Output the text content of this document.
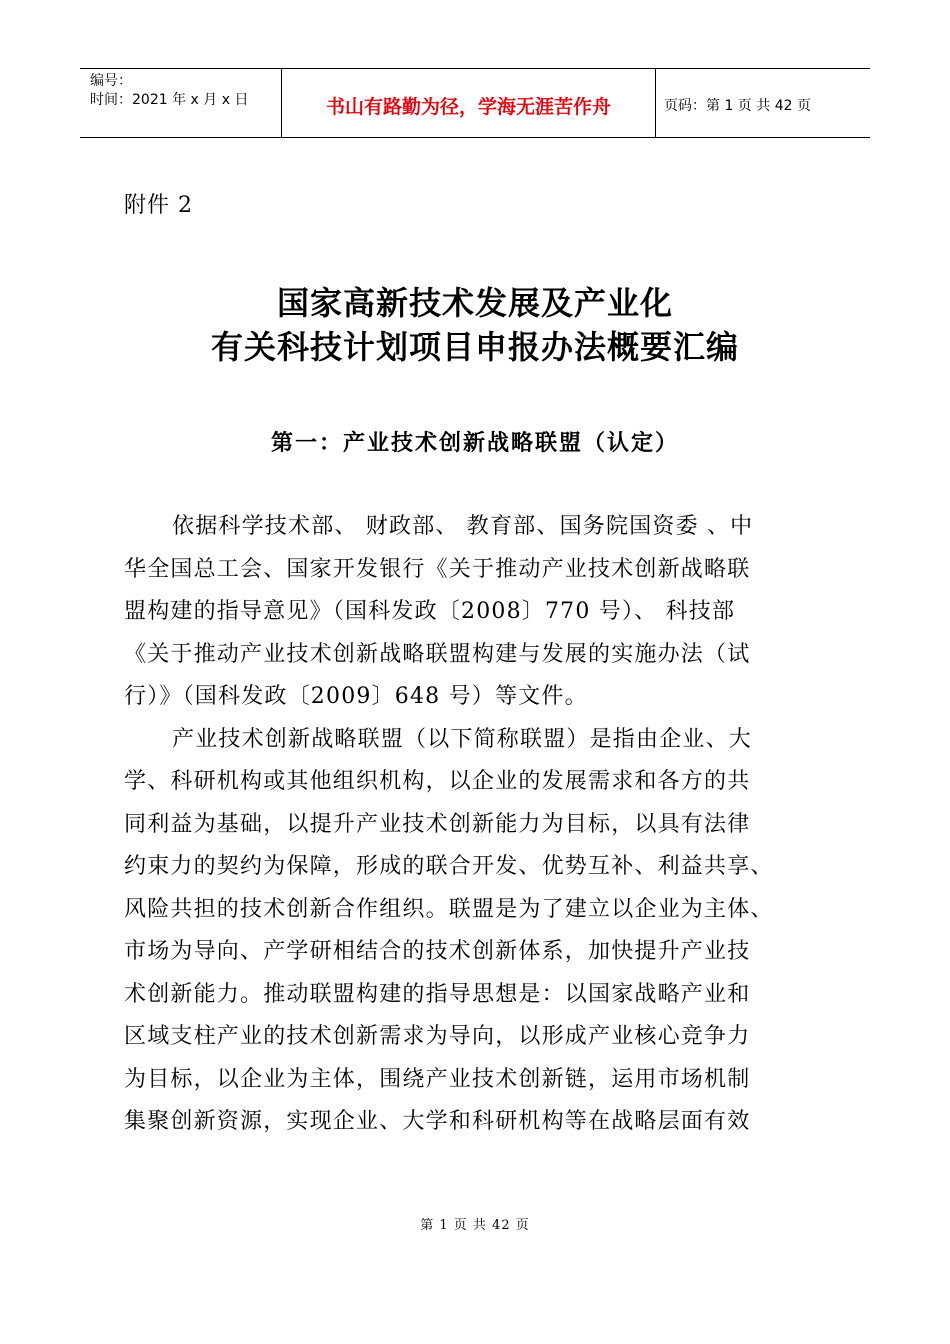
编号：
时间：2021 年 x 月 x 日	书山有路勤为径，学海无涯苦作舟	页码：第 1 页 共 42 页
附件 2
国家高新技术发展及产业化
有关科技计划项目申报办法概要汇编
第一：产业技术创新战略联盟（认定）
依据科学技术部、 财政部、 教育部、国务院国资委 、中
华全国总工会、国家开发银行《关于推动产业技术创新战略联
盟构建的指导意见》（国科发政〔2008〕770 号）、 科技部
《关于推动产业技术创新战略联盟构建与发展的实施办法（试
行）》（国科发政〔2009〕648 号）等文件。
产业技术创新战略联盟（以下简称联盟）是指由企业、大
学、科研机构或其他组织机构，以企业的发展需求和各方的共
同利益为基础，以提升产业技术创新能力为目标，以具有法律
约束力的契约为保障，形成的联合开发、优势互补、利益共享、
风险共担的技术创新合作组织。联盟是为了建立以企业为主体、
市场为导向、产学研相结合的技术创新体系，加快提升产业技
术创新能力。推动联盟构建的指导思想是：以国家战略产业和
区域支柱产业的技术创新需求为导向，以形成产业核心竞争力
为目标，以企业为主体，围绕产业技术创新链，运用市场机制
集聚创新资源，实现企业、大学和科研机构等在战略层面有效
第 1 页 共 42 页
